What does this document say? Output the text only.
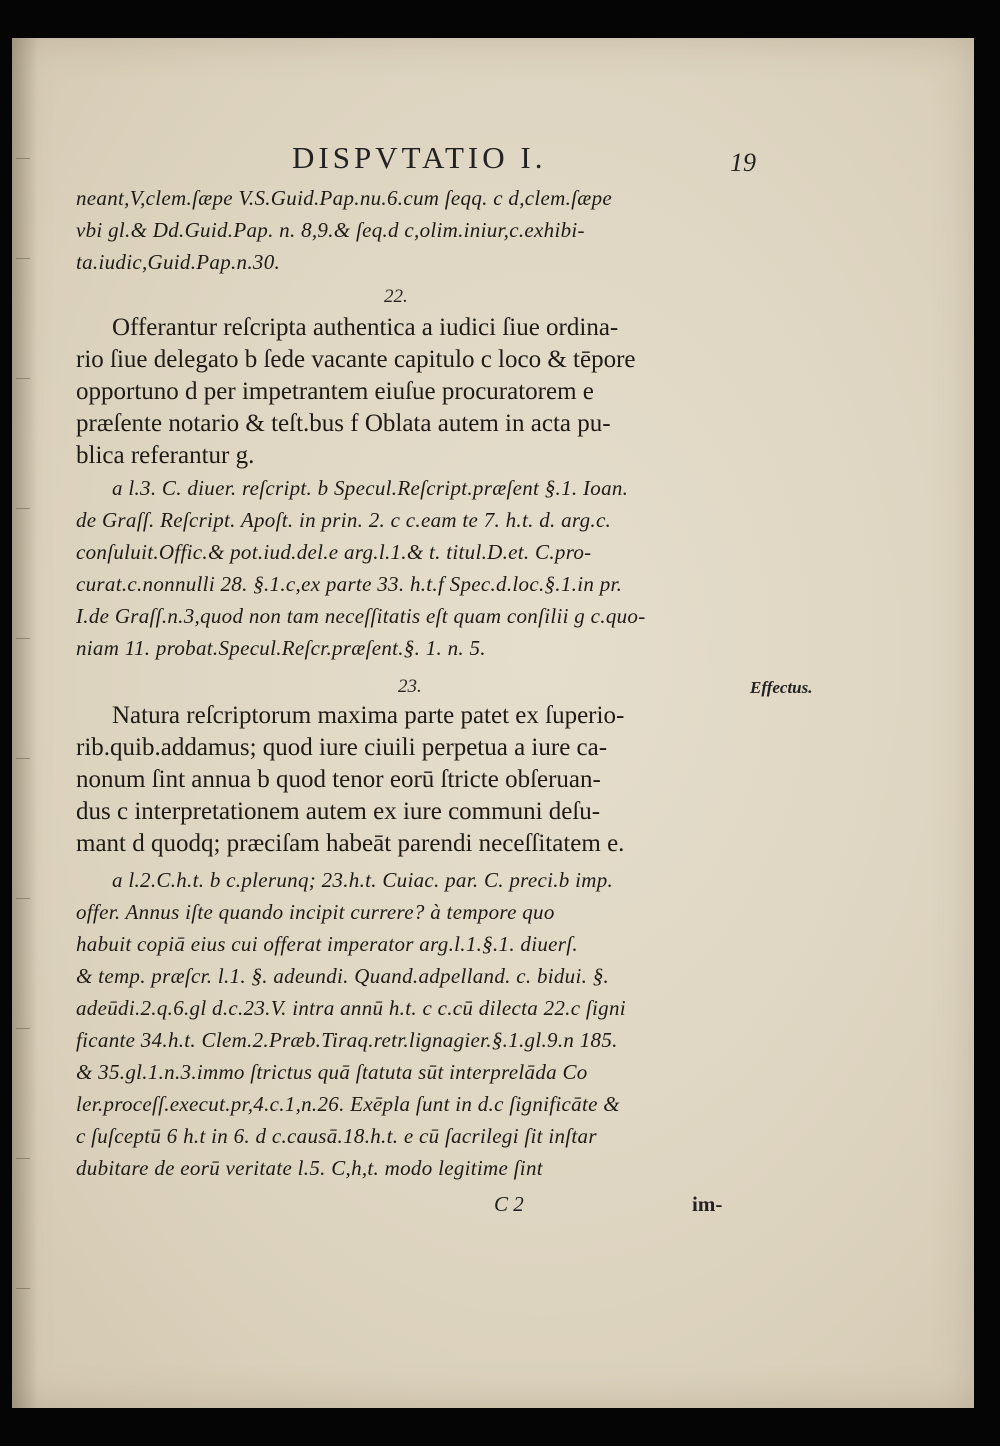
DISPVTATIO I.	19
neant,V,clem.ſæpe V.S.Guid.Pap.nu.6.cum ſeqq. c d,clem.ſæpe
vbi gl.& Dd.Guid.Pap. n. 8,9.& ſeq.d c,olim.iniur,c.exhibi-
ta.iudic,Guid.Pap.n.30.
22.
Offerantur reſcripta authentica a iudici ſiue ordina-
rio ſiue delegato b ſede vacante capitulo c loco & tēpore
opportuno d per impetrantem eiuſue procuratorem e
præſente notario & teſt.bus f Oblata autem in acta pu-
blica referantur g.
a l.3. C. diuer. reſcript. b Specul.Reſcript.præſent §.1. Ioan.
de Graſſ. Reſcript. Apoſt. in prin. 2. c c.eam te 7. h.t. d. arg.c.
conſuluit.Offic.& pot.iud.del.e arg.l.1.& t. titul.D.et. C.pro-
curat.c.nonnulli 28. §.1.c,ex parte 33. h.t.f Spec.d.loc.§.1.in pr.
I.de Graſſ.n.3,quod non tam neceſſitatis eſt quam conſilii g c.quo-
niam 11. probat.Specul.Reſcr.præſent.§. 1. n. 5.
Effectus.
23.
Natura reſcriptorum maxima parte patet ex ſuperio-
rib.quib.addamus; quod iure ciuili perpetua a iure ca-
nonum ſint annua b quod tenor eorū ſtricte obſeruan-
dus c interpretationem autem ex iure communi deſu-
mant d quodq; præciſam habeāt parendi neceſſitatem e.
a l.2.C.h.t. b c.plerunq; 23.h.t. Cuiac. par. C. preci.b imp.
offer. Annus iſte quando incipit currere? à tempore quo
habuit copiā eius cui offerat imperator arg.l.1.§.1. diuerſ.
& temp. præſcr. l.1. §. adeundi. Quand.adpelland. c. bidui. §.
adeūdi.2.q.6.gl d.c.23.V. intra annū h.t. c c.cū dilecta 22.c ſigni
ficante 34.h.t. Clem.2.Præb.Tiraq.retr.lignagier.§.1.gl.9.n 185.
& 35.gl.1.n.3.immo ſtrictus quā ſtatuta sūt interprelāda Co
ler.proceſſ.execut.pr,4.c.1,n.26. Exēpla ſunt in d.c ſignificāte &
c ſuſceptū 6 h.t in 6. d c.causā.18.h.t. e cū ſacrilegi ſit inſtar
dubitare de eorū veritate l.5. C,h,t. modo legitime ſint
C 2	im-
